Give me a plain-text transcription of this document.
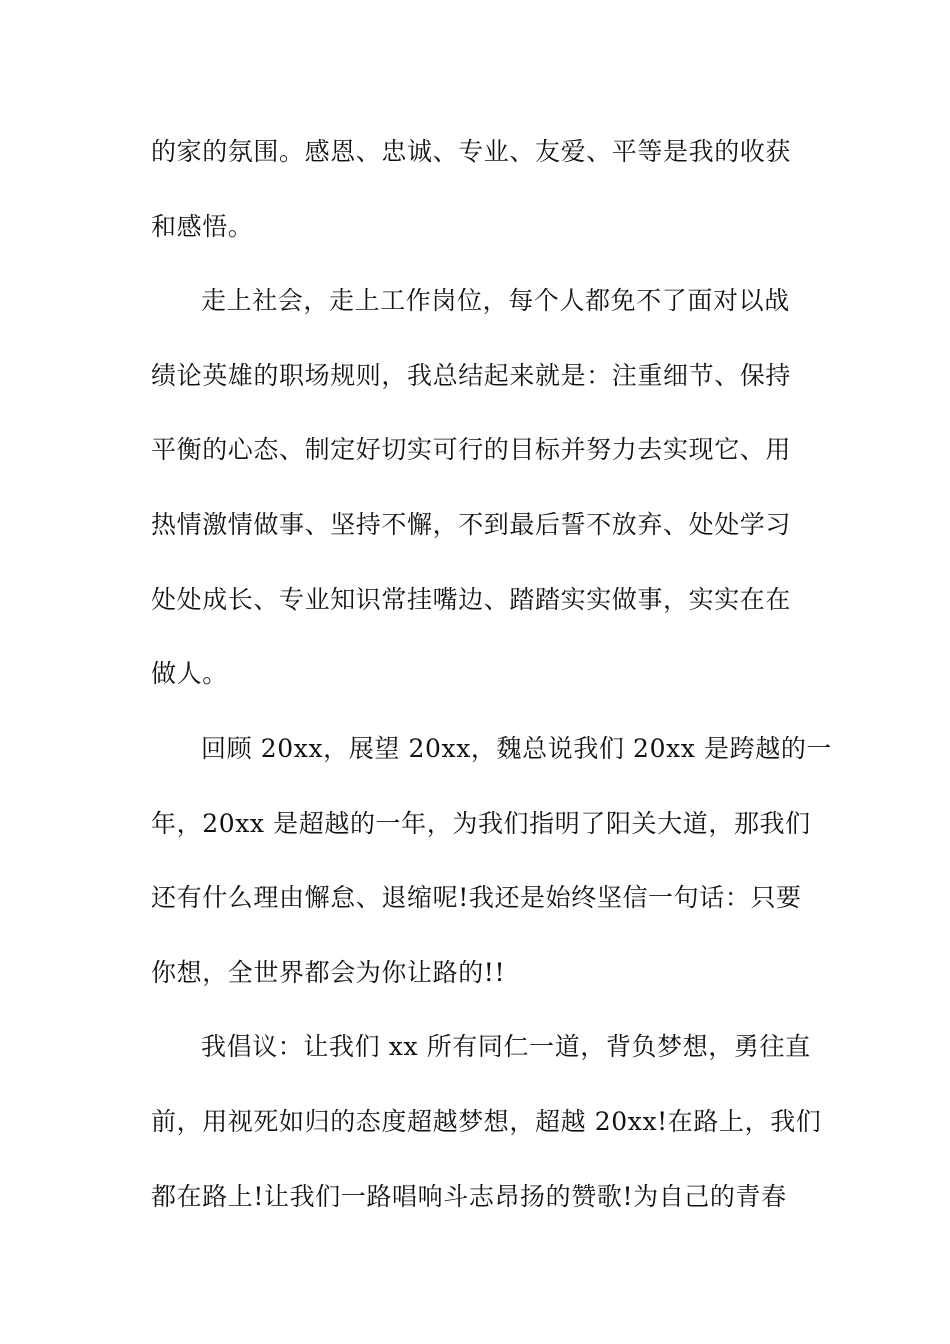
的家的氛围。感恩、忠诚、专业、友爱、平等是我的收获
和感悟。
走上社会，走上工作岗位，每个人都免不了面对以战
绩论英雄的职场规则，我总结起来就是：注重细节、保持
平衡的心态、制定好切实可行的目标并努力去实现它、用
热情激情做事、坚持不懈，不到最后誓不放弃、处处学习
处处成长、专业知识常挂嘴边、踏踏实实做事，实实在在
做人。
回顾 20xx，展望 20xx，魏总说我们 20xx 是跨越的一
年，20xx 是超越的一年，为我们指明了阳关大道，那我们
还有什么理由懈怠、退缩呢!我还是始终坚信一句话：只要
你想，全世界都会为你让路的!!
我倡议：让我们 xx 所有同仁一道，背负梦想，勇往直
前，用视死如归的态度超越梦想，超越 20xx!在路上，我们
都在路上!让我们一路唱响斗志昂扬的赞歌!为自己的青春
